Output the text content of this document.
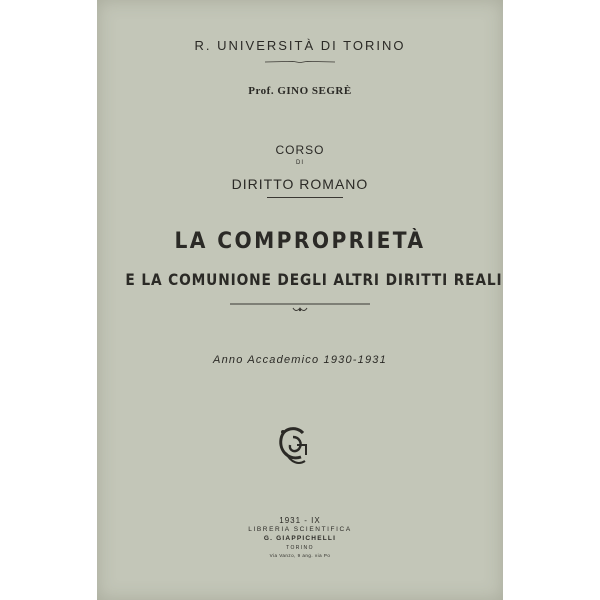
R. UNIVERSITÀ DI TORINO
Prof. GINO SEGRÈ
CORSO
DI
DIRITTO ROMANO
LA COMPROPRIETÀ
E LA COMUNIONE DEGLI ALTRI DIRITTI REALI
Anno Accademico 1930-1931
1931 - IX
LIBRERIA SCIENTIFICA
G. GIAPPICHELLI
TORINO
Via Vanzo, 9 ang. via Po
